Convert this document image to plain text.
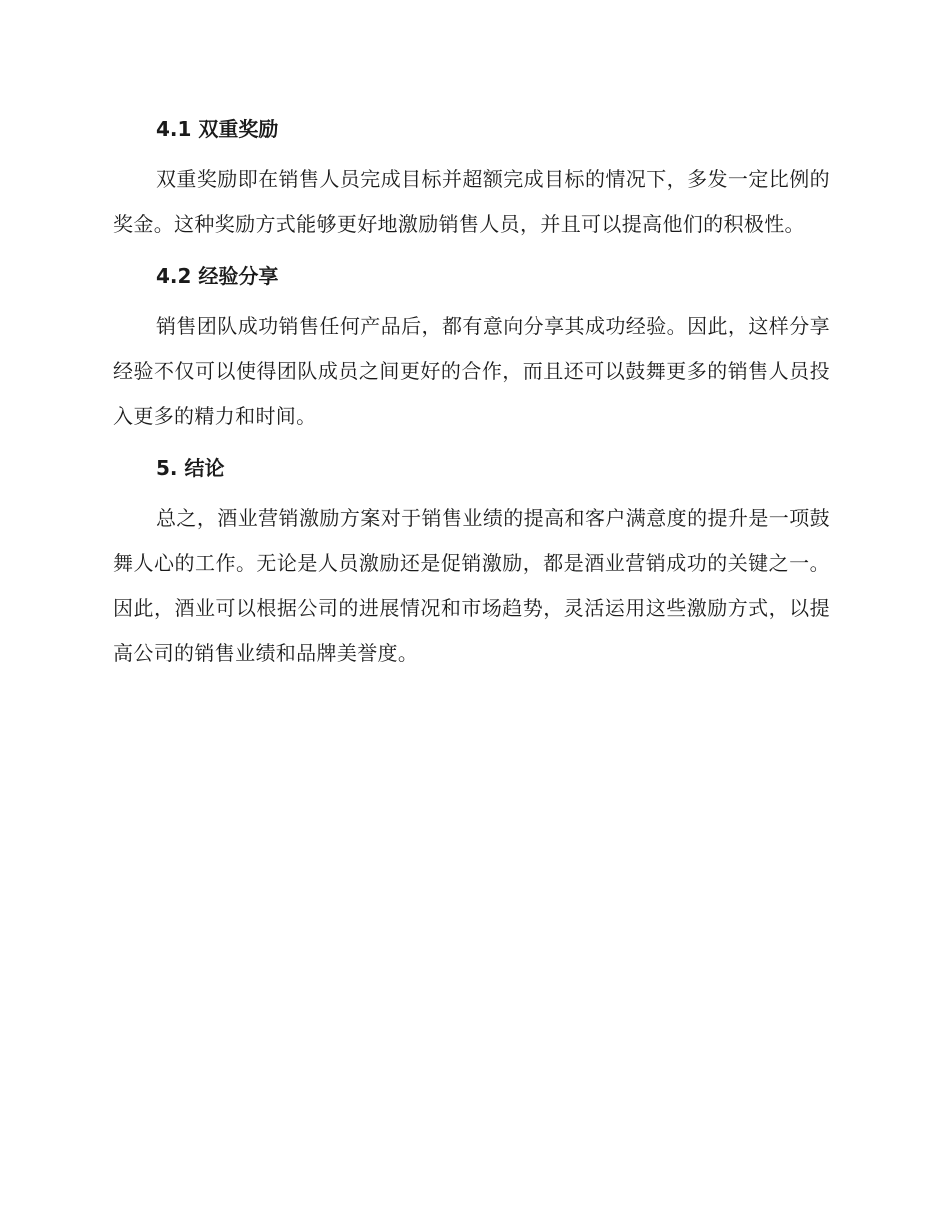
4.1 双重奖励

双重奖励即在销售人员完成目标并超额完成目标的情况下，多发一定比例的奖金。这种奖励方式能够更好地激励销售人员，并且可以提高他们的积极性。

4.2 经验分享

销售团队成功销售任何产品后，都有意向分享其成功经验。因此，这样分享经验不仅可以使得团队成员之间更好的合作，而且还可以鼓舞更多的销售人员投入更多的精力和时间。

5. 结论

总之，酒业营销激励方案对于销售业绩的提高和客户满意度的提升是一项鼓舞人心的工作。无论是人员激励还是促销激励，都是酒业营销成功的关键之一。因此，酒业可以根据公司的进展情况和市场趋势，灵活运用这些激励方式，以提高公司的销售业绩和品牌美誉度。
